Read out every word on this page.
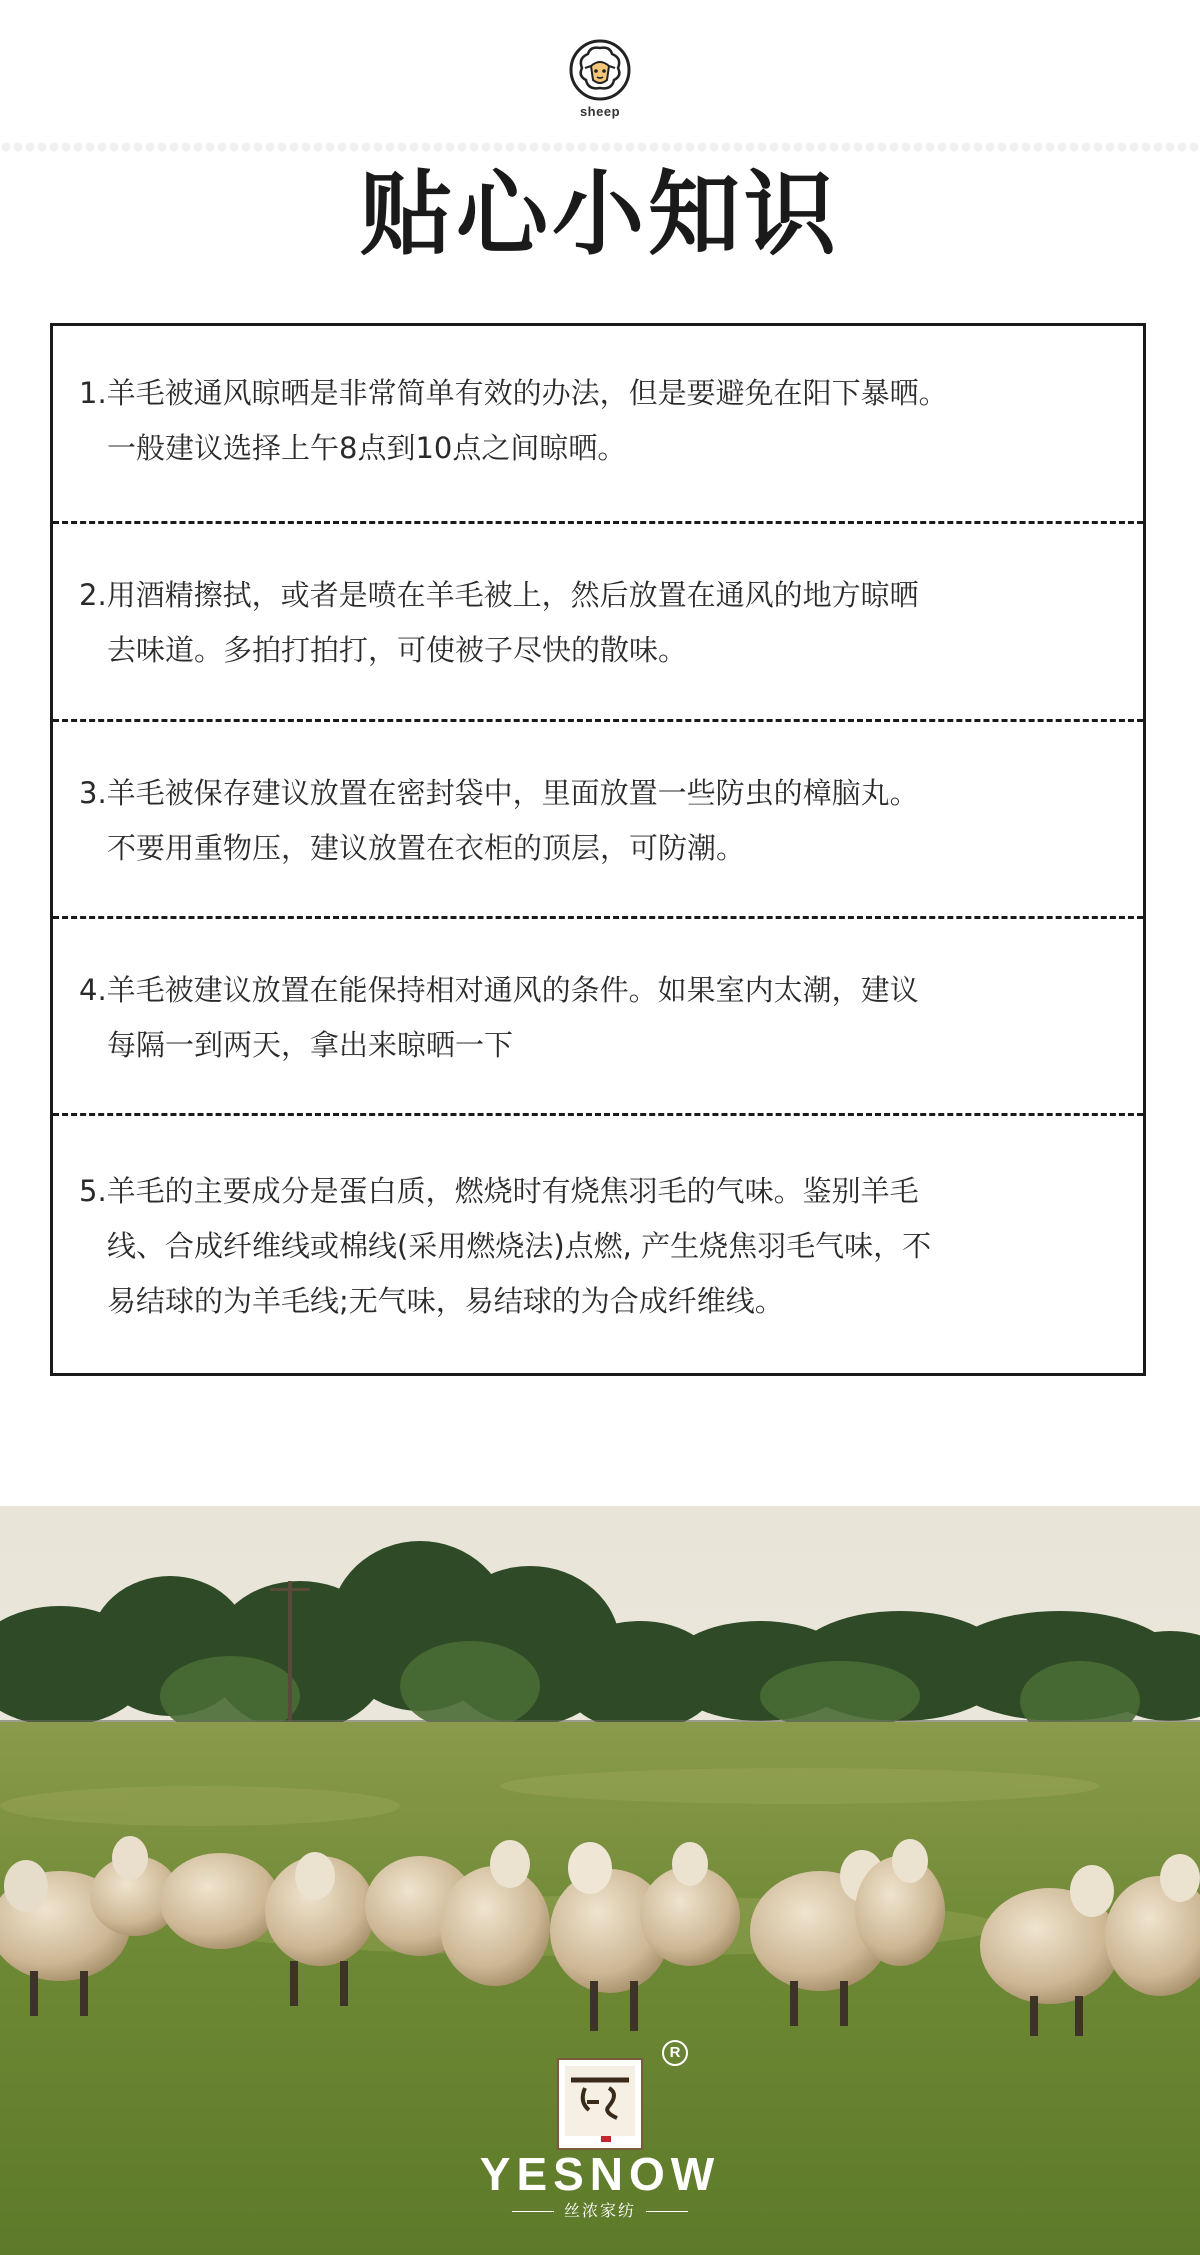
sheep
贴心小知识
1.羊毛被通风晾晒是非常简单有效的办法，但是要避免在阳下暴晒。
一般建议选择上午8点到10点之间晾晒。
2.用酒精擦拭，或者是喷在羊毛被上，然后放置在通风的地方晾晒
去味道。多拍打拍打，可使被子尽快的散味。
3.羊毛被保存建议放置在密封袋中，里面放置一些防虫的樟脑丸。
不要用重物压，建议放置在衣柜的顶层，可防潮。
4.羊毛被建议放置在能保持相对通风的条件。如果室内太潮，建议
每隔一到两天，拿出来晾晒一下
5.羊毛的主要成分是蛋白质，燃烧时有烧焦羽毛的气味。鉴别羊毛
线、合成纤维线或棉线(采用燃烧法)点燃, 产生烧焦羽毛气味，不
易结球的为羊毛线;无气味，易结球的为合成纤维线。
R
YESNOW
丝浓家纺
